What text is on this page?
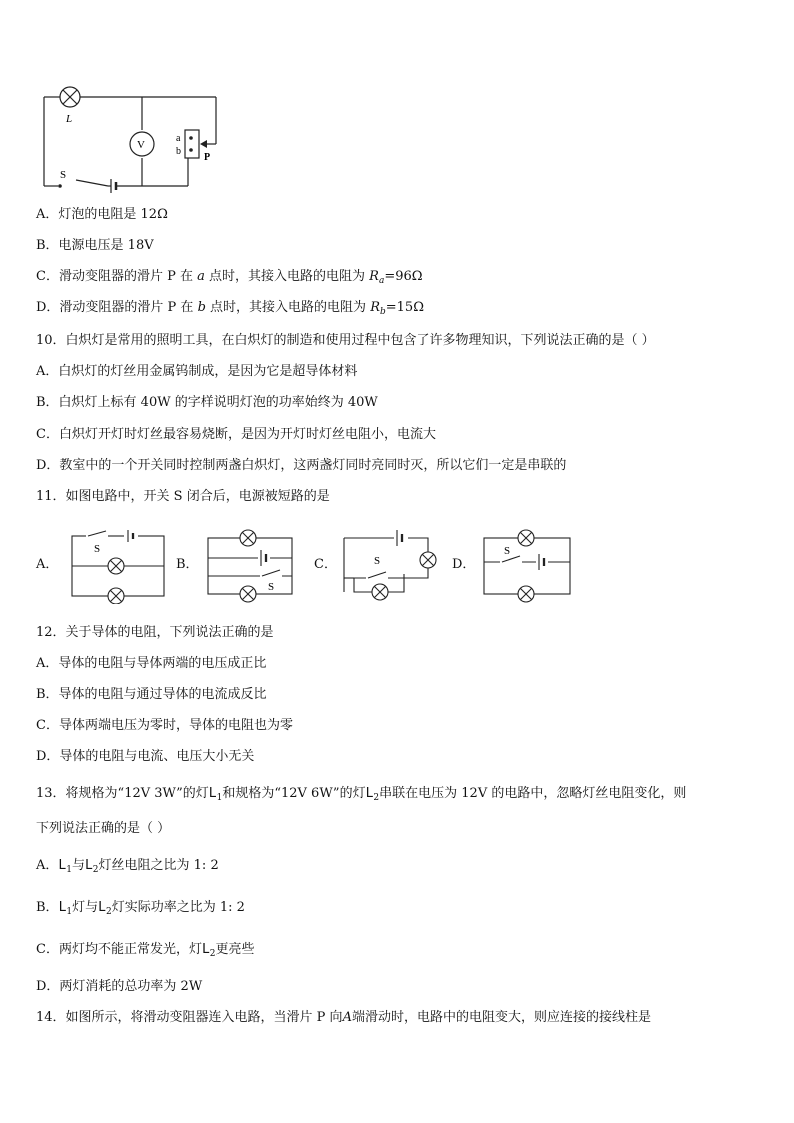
L
V
S
a
b
P
A．灯泡的电阻是 12Ω
B．电源电压是 18V
C．滑动变阻器的滑片 P 在 a 点时，其接入电路的电阻为 $R_a=96\Omega$
D．滑动变阻器的滑片 P 在 b 点时，其接入电路的电阻为 $R_b=15\Omega$
10．白炽灯是常用的照明工具，在白炽灯的制造和使用过程中包含了许多物理知识，下列说法正确的是（ ）
A．白炽灯的灯丝用金属钨制成，是因为它是超导体材料
B．白炽灯上标有 40W 的字样说明灯泡的功率始终为 40W
C．白炽灯开灯时灯丝最容易烧断，是因为开灯时灯丝电阻小，电流大
D．教室中的一个开关同时控制两盏白炽灯，这两盏灯同时亮同时灭，所以它们一定是串联的
11．如图电路中，开关 S 闭合后，电源被短路的是
A．	B．	C．	D．
S
S
S
S
12．关于导体的电阻，下列说法正确的是
A．导体的电阻与导体两端的电压成正比
B．导体的电阻与通过导体的电流成反比
C．导体两端电压为零时，导体的电阻也为零
D．导体的电阻与电流、电压大小无关
13．将规格为“12V 3W”的灯$L_1$和规格为“12V 6W”的灯$L_2$串联在电压为 12V 的电路中，忽略灯丝电阻变化，则
下列说法正确的是（ ）
A．$L_1$与$L_2$灯丝电阻之比为 1: 2
B．$L_1$灯与$L_2$灯实际功率之比为 1: 2
C．两灯均不能正常发光，灯$L_2$更亮些
D．两灯消耗的总功率为 2W
14．如图所示，将滑动变阻器连入电路，当滑片 P 向A端滑动时，电路中的电阻变大，则应连接的接线柱是
